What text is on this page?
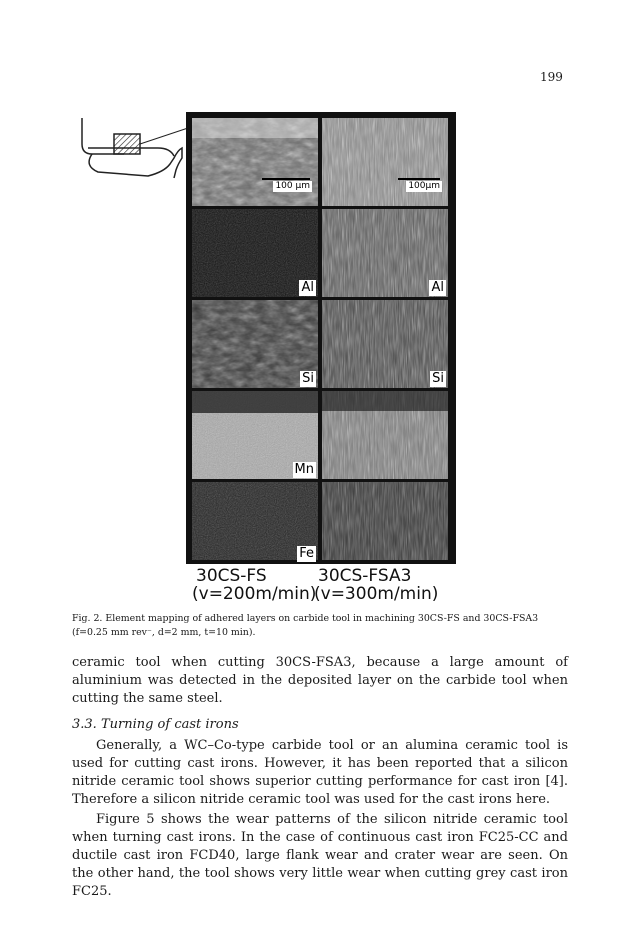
199
100 μm
Al
Si
Mn
Fe
100μm
Al
Si
30CS-FS
(v=200m/min)
30CS-FSA3
(v=300m/min)
Fig. 2. Element mapping of adhered layers on carbide tool in machining 30CS-FS and 30CS-FSA3 (f=0.25 mm rev⁻, d=2 mm, t=10 min).
ceramic tool when cutting 30CS-FSA3, because a large amount of aluminium was detected in the deposited layer on the carbide tool when cutting the same steel.
3.3. Turning of cast irons
Generally, a WC–Co-type carbide tool or an alumina ceramic tool is used for cutting cast irons. However, it has been reported that a silicon nitride ceramic tool shows superior cutting performance for cast iron [4]. Therefore a silicon nitride ceramic tool was used for the cast irons here.
Figure 5 shows the wear patterns of the silicon nitride ceramic tool when turning cast irons. In the case of continuous cast iron FC25-CC and ductile cast iron FCD40, large flank wear and crater wear are seen. On the other hand, the tool shows very little wear when cutting grey cast iron FC25.
